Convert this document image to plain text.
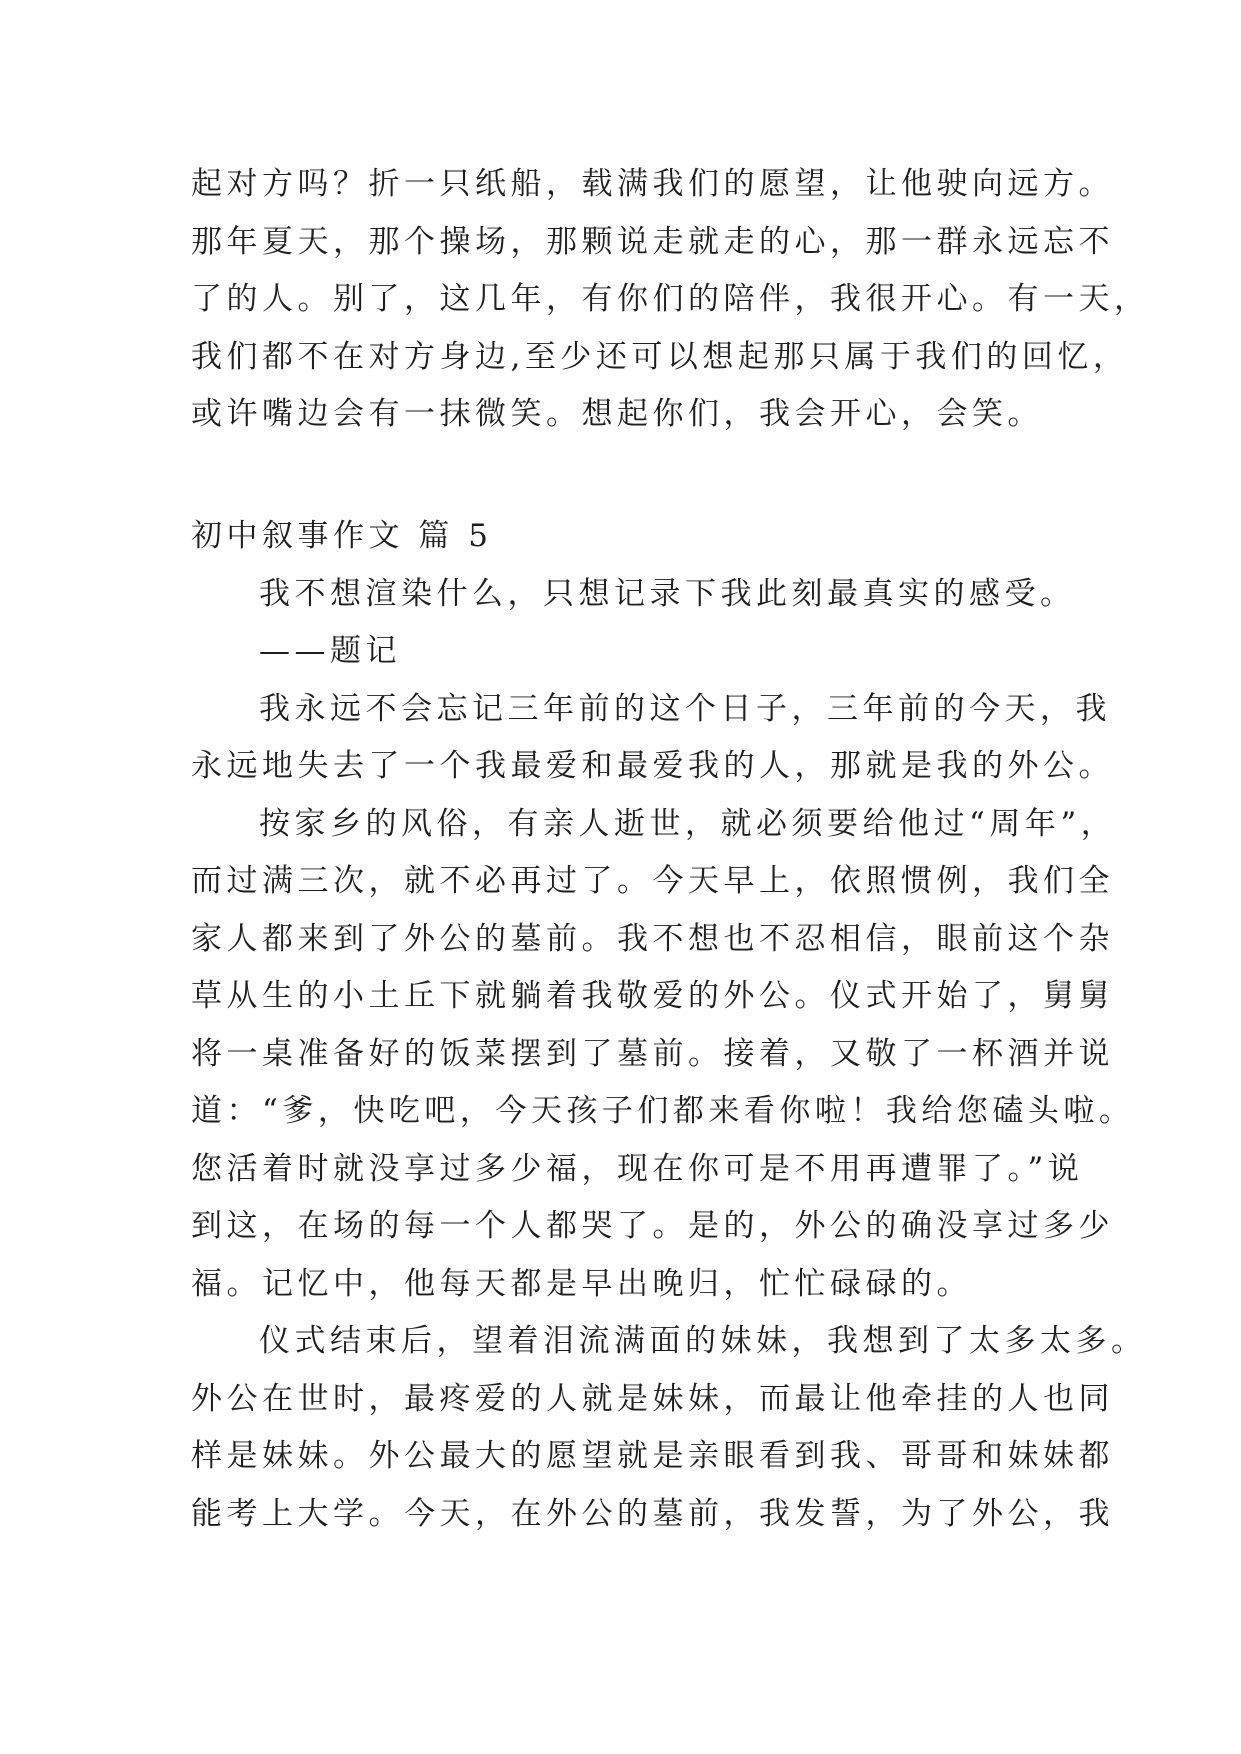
起对方吗？折一只纸船，载满我们的愿望，让他驶向远方。
那年夏天，那个操场，那颗说走就走的心，那一群永远忘不
了的人。别了，这几年，有你们的陪伴，我很开心。有一天，
我们都不在对方身边,至少还可以想起那只属于我们的回忆，
或许嘴边会有一抹微笑。想起你们，我会开心，会笑。
初中叙事作文 篇 5
我不想渲染什么，只想记录下我此刻最真实的感受。
——题记
我永远不会忘记三年前的这个日子，三年前的今天，我
永远地失去了一个我最爱和最爱我的人，那就是我的外公。
按家乡的风俗，有亲人逝世，就必须要给他过“周年”，
而过满三次，就不必再过了。今天早上，依照惯例，我们全
家人都来到了外公的墓前。我不想也不忍相信，眼前这个杂
草从生的小土丘下就躺着我敬爱的外公。仪式开始了，舅舅
将一桌准备好的饭菜摆到了墓前。接着，又敬了一杯酒并说
道：“爹，快吃吧，今天孩子们都来看你啦！我给您磕头啦。
您活着时就没享过多少福，现在你可是不用再遭罪了。”说
到这，在场的每一个人都哭了。是的，外公的确没享过多少
福。记忆中，他每天都是早出晚归，忙忙碌碌的。
仪式结束后，望着泪流满面的妹妹，我想到了太多太多。
外公在世时，最疼爱的人就是妹妹，而最让他牵挂的人也同
样是妹妹。外公最大的愿望就是亲眼看到我、哥哥和妹妹都
能考上大学。今天，在外公的墓前，我发誓，为了外公，我
